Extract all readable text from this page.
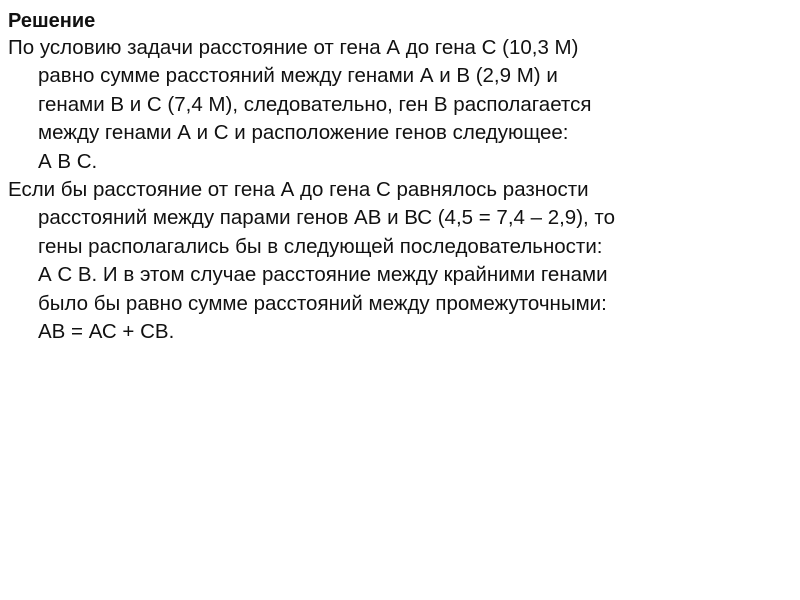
Решение

По условию задачи расстояние от гена А до гена С (10,3 М)

равно сумме расстояний между генами А и В (2,9 М) и

генами В и С (7,4 М), следовательно, ген В располагается

между генами А и С и расположение генов следующее:

А В С.

Если бы расстояние от гена А до гена С равнялось разности

расстояний между парами генов АВ и ВС (4,5 = 7,4 – 2,9), то

гены располагались бы в следующей последовательности:

А С В. И в этом случае расстояние между крайними генами

было бы равно сумме расстояний между промежуточными:

АВ = АС + СВ.
